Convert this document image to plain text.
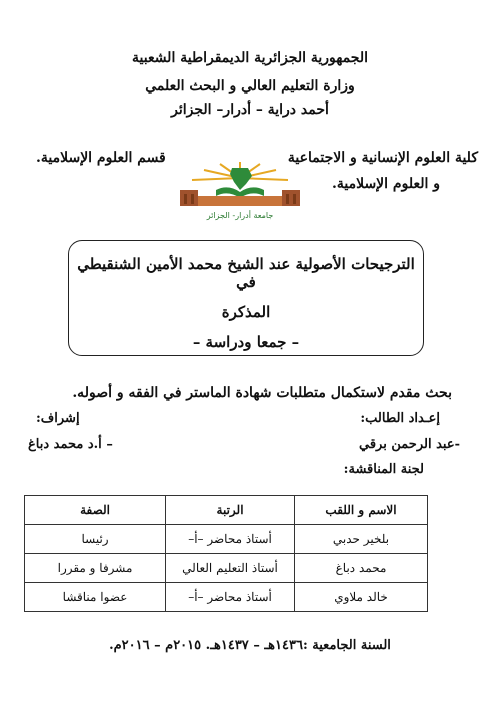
الجمهورية الجزائرية الديمقراطية الشعبية
وزارة التعليم العالي و البحث العلمي
أحمد دراية – أدرار– الجزائر
كلية العلوم الإنسانية و الاجتماعية
و العلوم الإسلامية.
قسم العلوم الإسلامية.
جامعة أدرار- الجزائر
الترجيحات الأصولية عند الشيخ محمد الأمين الشنقيطي في
المذكرة
– جمعا ودراسة –
بحث مقدم لاستكمال متطلبات شهادة الماستر في الفقه و أصوله.
إعـداد الطالب:
إشراف:
-عبد الرحمن برقي
– أ.د محمد دباغ
لجنة المناقشة:
الاسم و اللقب	الرتبة	الصفة
بلخير حدبي	أستاذ محاضر –أ–	رئيسا
محمد دباغ	أستاذ التعليم العالي	مشرفا و مقررا
خالد ملاوي	أستاذ محاضر –أ–	عضوا مناقشا
السنة الجامعية :١٤٣٦هـ – ١٤٣٧هـ. ٢٠١٥م – ٢٠١٦م.
